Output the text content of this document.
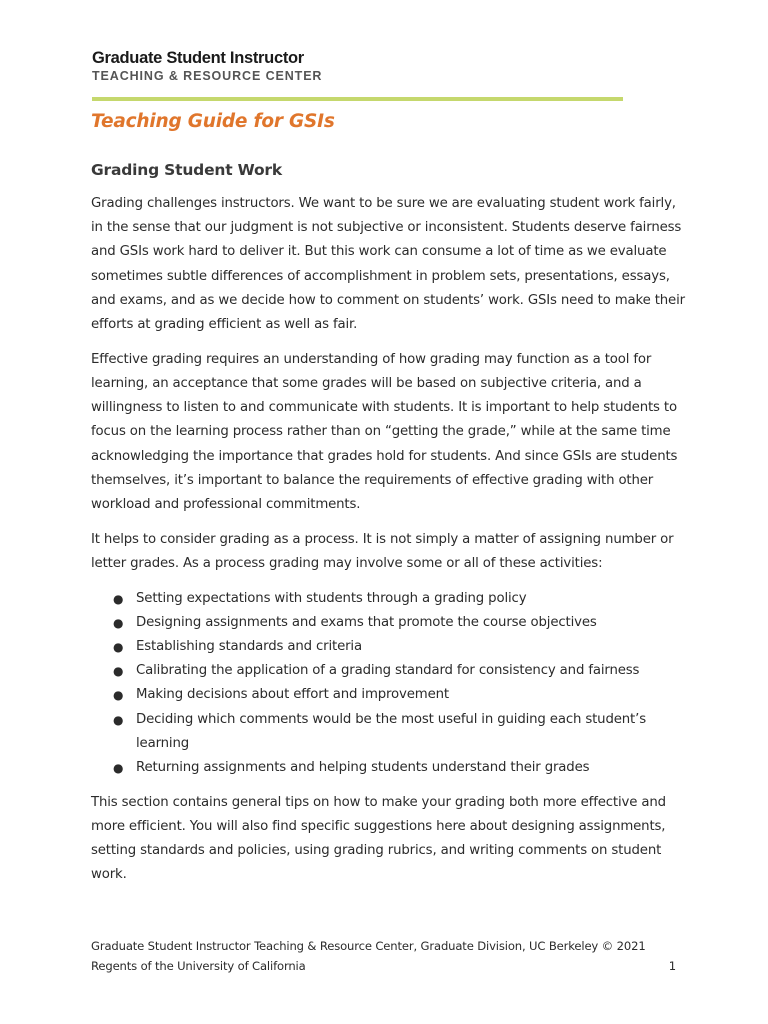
Graduate Student Instructor
TEACHING & RESOURCE CENTER
Teaching Guide for GSIs
Grading Student Work

Grading challenges instructors. We want to be sure we are evaluating student work fairly, in the sense that our judgment is not subjective or inconsistent. Students deserve fairness and GSIs work hard to deliver it. But this work can consume a lot of time as we evaluate sometimes subtle differences of accomplishment in problem sets, presentations, essays, and exams, and as we decide how to comment on students’ work. GSIs need to make their efforts at grading efficient as well as fair.

Effective grading requires an understanding of how grading may function as a tool for learning, an acceptance that some grades will be based on subjective criteria, and a willingness to listen to and communicate with students. It is important to help students to focus on the learning process rather than on “getting the grade,” while at the same time acknowledging the importance that grades hold for students. And since GSIs are students themselves, it’s important to balance the requirements of effective grading with other workload and professional commitments.

It helps to consider grading as a process. It is not simply a matter of assigning number or letter grades. As a process grading may involve some or all of these activities:

● Setting expectations with students through a grading policy
● Designing assignments and exams that promote the course objectives
● Establishing standards and criteria
● Calibrating the application of a grading standard for consistency and fairness
● Making decisions about effort and improvement
● Deciding which comments would be the most useful in guiding each student’s learning
● Returning assignments and helping students understand their grades

This section contains general tips on how to make your grading both more effective and more efficient. You will also find specific suggestions here about designing assignments, setting standards and policies, using grading rubrics, and writing comments on student work.

Graduate Student Instructor Teaching & Resource Center, Graduate Division, UC Berkeley © 2021
Regents of the University of California	1
